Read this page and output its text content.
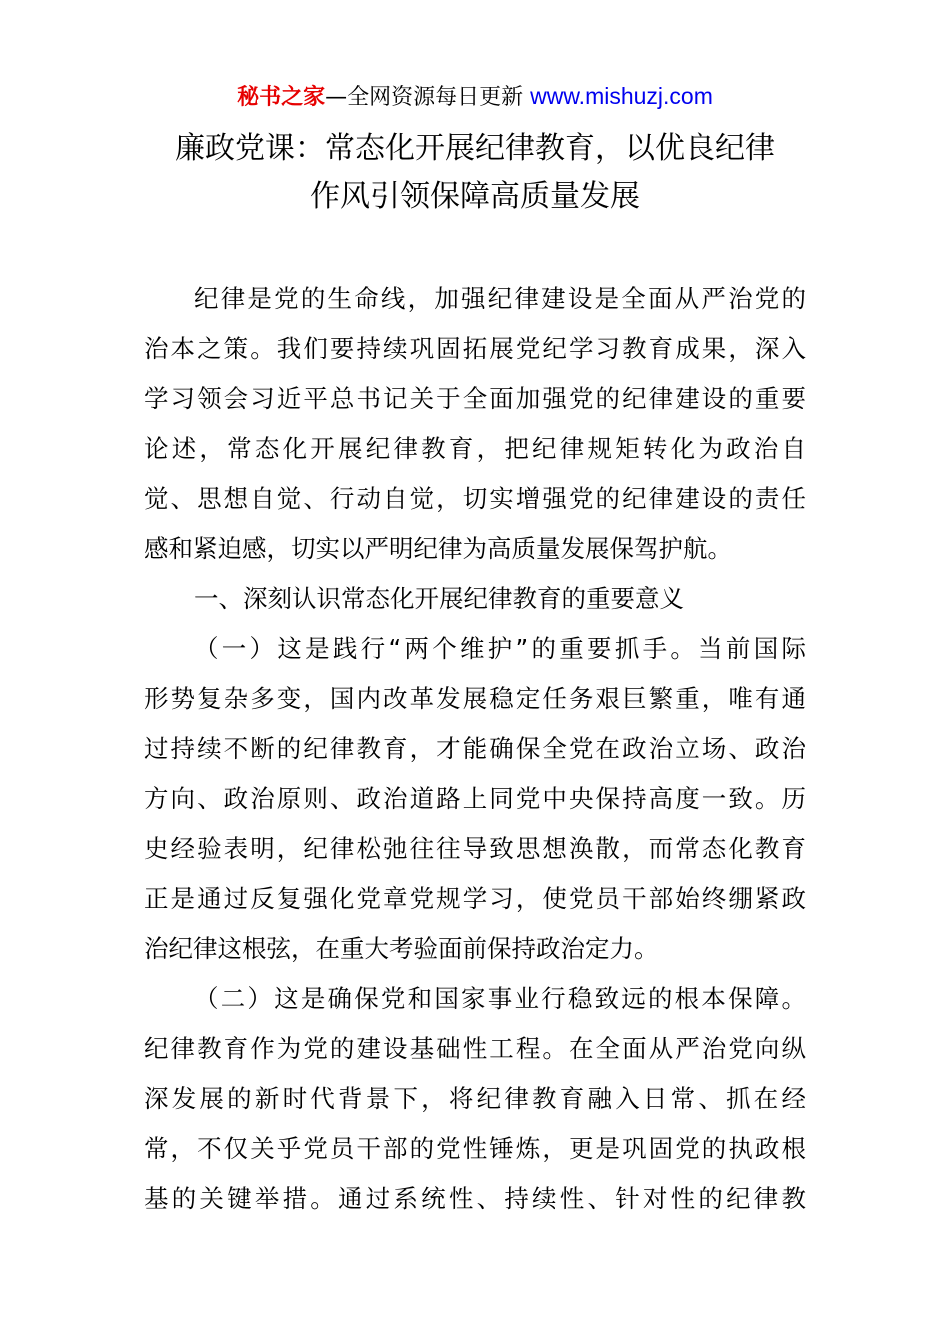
秘书之家—全网资源每日更新 www.mishuzj.com
廉政党课：常态化开展纪律教育，以优良纪律
作风引领保障高质量发展
纪律是党的生命线，加强纪律建设是全面从严治党的
治本之策。我们要持续巩固拓展党纪学习教育成果，深入
学习领会习近平总书记关于全面加强党的纪律建设的重要
论述，常态化开展纪律教育，把纪律规矩转化为政治自
觉、思想自觉、行动自觉，切实增强党的纪律建设的责任
感和紧迫感，切实以严明纪律为高质量发展保驾护航。
一、深刻认识常态化开展纪律教育的重要意义
（一）这是践行“两个维护”的重要抓手。当前国际
形势复杂多变，国内改革发展稳定任务艰巨繁重，唯有通
过持续不断的纪律教育，才能确保全党在政治立场、政治
方向、政治原则、政治道路上同党中央保持高度一致。历
史经验表明，纪律松弛往往导致思想涣散，而常态化教育
正是通过反复强化党章党规学习，使党员干部始终绷紧政
治纪律这根弦，在重大考验面前保持政治定力。
（二）这是确保党和国家事业行稳致远的根本保障。
纪律教育作为党的建设基础性工程。在全面从严治党向纵
深发展的新时代背景下，将纪律教育融入日常、抓在经
常，不仅关乎党员干部的党性锤炼，更是巩固党的执政根
基的关键举措。通过系统性、持续性、针对性的纪律教
